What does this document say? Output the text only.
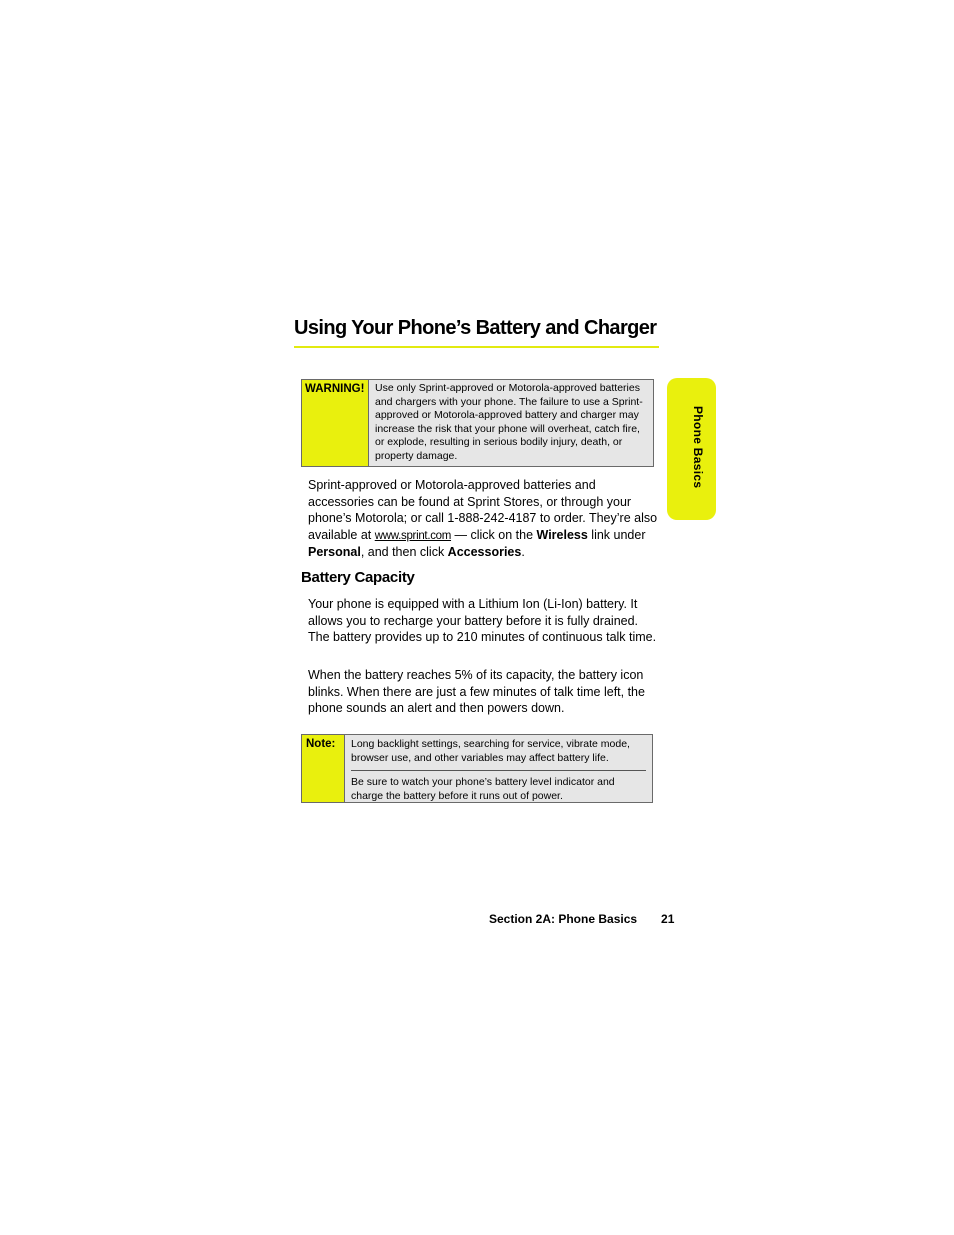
Using Your Phone’s Battery and Charger
Phone Basics
WARNING!	Use only Sprint-approved or Motorola-approved batteries and chargers with your phone. The failure to use a Sprint-approved or Motorola-approved battery and charger may increase the risk that your phone will overheat, catch fire, or explode, resulting in serious bodily injury, death, or property damage.

Sprint-approved or Motorola-approved batteries and accessories can be found at Sprint Stores, or through your phone’s Motorola; or call 1-888-242-4187 to order. They’re also available at www.sprint.com — click on the Wireless link under Personal, and then click Accessories.

Battery Capacity

Your phone is equipped with a Lithium Ion (Li-Ion) battery. It allows you to recharge your battery before it is fully drained. The battery provides up to 210 minutes of continuous talk time.

When the battery reaches 5% of its capacity, the battery icon blinks. When there are just a few minutes of talk time left, the phone sounds an alert and then powers down.

Note:	Long backlight settings, searching for service, vibrate mode, browser use, and other variables may affect battery life.
Be sure to watch your phone’s battery level indicator and charge the battery before it runs out of power.
Section 2A: Phone Basics 21
